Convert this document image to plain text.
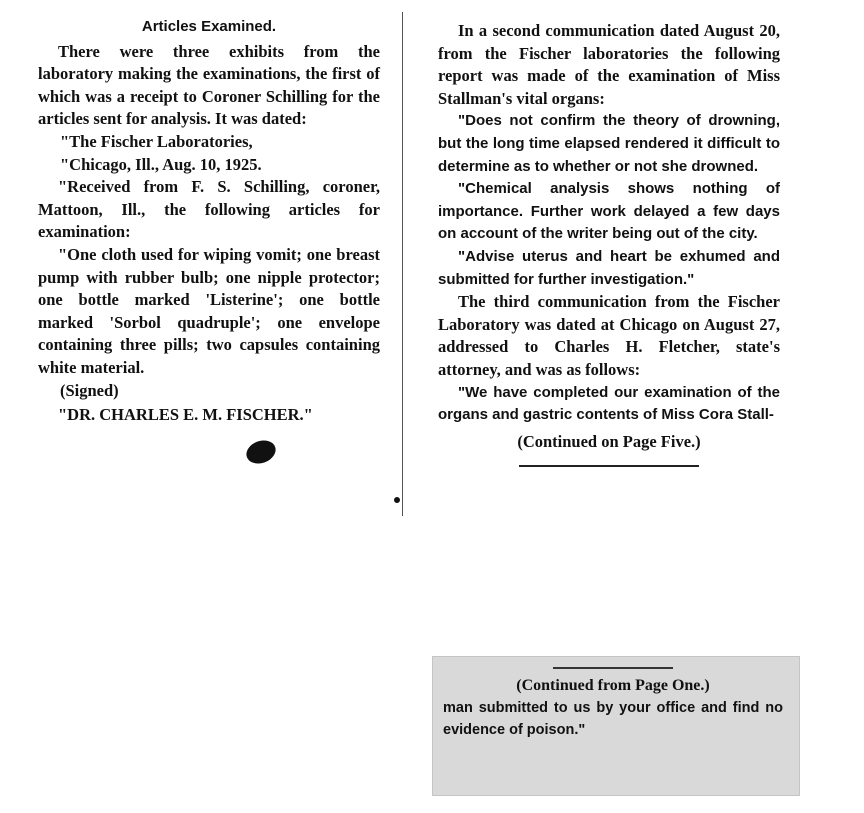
Articles Examined.

There were three exhibits from the laboratory making the examinations, the first of which was a receipt to Coroner Schilling for the articles sent for analysis. It was dated:

"The Fischer Laboratories,

"Chicago, Ill., Aug. 10, 1925.

"Received from F. S. Schilling, coroner, Mattoon, Ill., the following articles for examination:

"One cloth used for wiping vomit; one breast pump with rubber bulb; one nipple protector; one bottle marked 'Listerine'; one bottle marked 'Sorbol quadruple'; one envelope containing three pills; two capsules containing white material.

(Signed)

"DR. CHARLES E. M. FISCHER."

In a second communication dated August 20, from the Fischer laboratories the following report was made of the examination of Miss Stallman's vital organs:

"Does not confirm the theory of drowning, but the long time elapsed rendered it difficult to determine as to whether or not she drowned.

"Chemical analysis shows nothing of importance. Further work delayed a few days on account of the writer being out of the city.

"Advise uterus and heart be exhumed and submitted for further investigation."

The third communication from the Fischer Laboratory was dated at Chicago on August 27, addressed to Charles H. Fletcher, state's attorney, and was as follows:

"We have completed our examination of the organs and gastric contents of Miss Cora Stall-

(Continued on Page Five.)
(Continued from Page One.)
man submitted to us by your office and find no evidence of poison."
